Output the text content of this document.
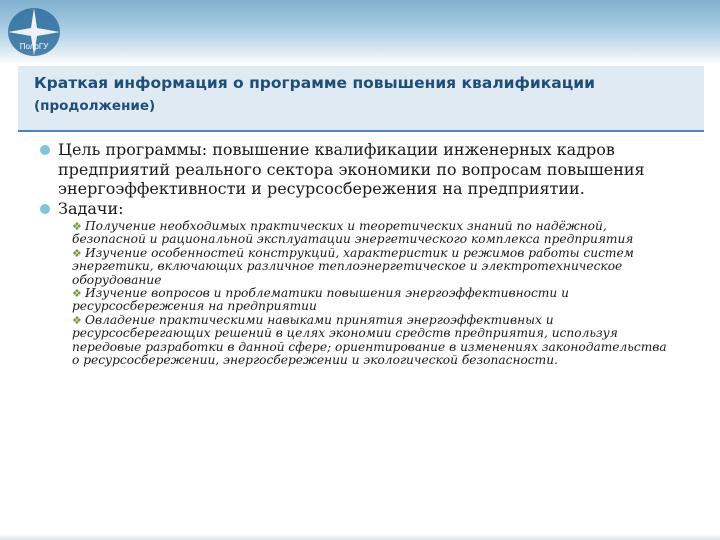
ПолрГУ
Краткая информация о программе повышения квалификации
(продолжение)
Цель программы: повышение квалификации инженерных кадров предприятий реального сектора экономики по вопросам повышения энергоэффективности и ресурсосбережения на предприятии.
Задачи:
❖ Получение необходимых практических и теоретических знаний по надёжной, безопасной и рациональной эксплуатации энергетического комплекса предприятия
❖ Изучение особенностей конструкций, характеристик и режимов работы систем энергетики, включающих различное теплоэнергетическое и электротехническое оборудование
❖ Изучение вопросов и проблематики повышения энергоэффективности и ресурсосбережения на предприятии
❖ Овладение практическими навыками принятия энергоэффективных и ресурсосберегающих решений в целях экономии средств предприятия, используя передовые разработки в данной сфере; ориентирование в изменениях законодательства о ресурсосбережении, энергосбережении и экологической безопасности.
